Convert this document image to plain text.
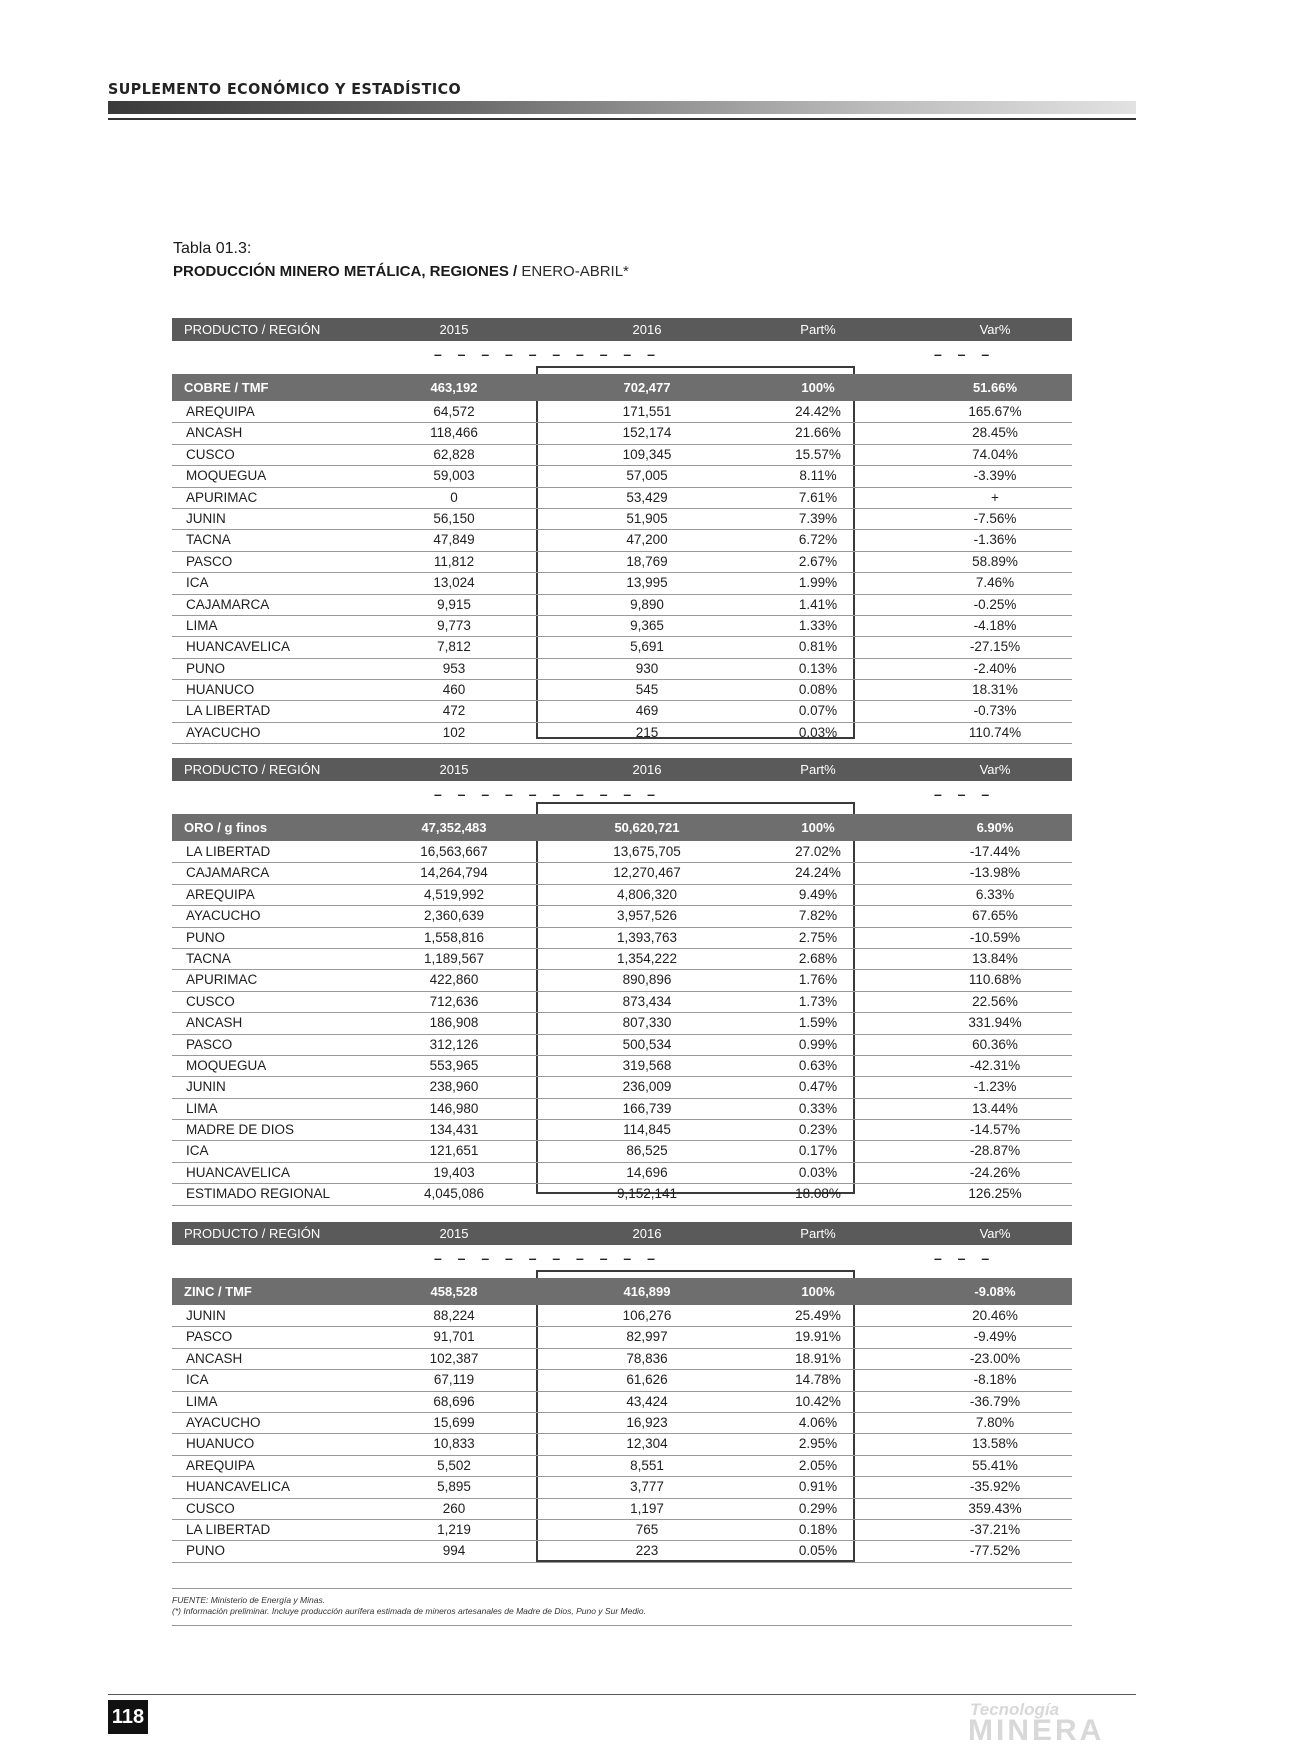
SUPLEMENTO ECONÓMICO Y ESTADÍSTICO
Tabla 01.3:
PRODUCCIÓN MINERO METÁLICA, REGIONES / ENERO-ABRIL*
PRODUCTO / REGIÓN	2015	2016	Part%	Var%
– – – – – – – – – –	– – –
COBRE / TMF	463,192	702,477	100%	51.66%
AREQUIPA	64,572	171,551	24.42%	165.67%
ANCASH	118,466	152,174	21.66%	28.45%
CUSCO	62,828	109,345	15.57%	74.04%
MOQUEGUA	59,003	57,005	8.11%	-3.39%
APURIMAC	0	53,429	7.61%	+
JUNIN	56,150	51,905	7.39%	-7.56%
TACNA	47,849	47,200	6.72%	-1.36%
PASCO	11,812	18,769	2.67%	58.89%
ICA	13,024	13,995	1.99%	7.46%
CAJAMARCA	9,915	9,890	1.41%	-0.25%
LIMA	9,773	9,365	1.33%	-4.18%
HUANCAVELICA	7,812	5,691	0.81%	-27.15%
PUNO	953	930	0.13%	-2.40%
HUANUCO	460	545	0.08%	18.31%
LA LIBERTAD	472	469	0.07%	-0.73%
AYACUCHO	102	215	0.03%	110.74%
PRODUCTO / REGIÓN	2015	2016	Part%	Var%
– – – – – – – – – –	– – –
ORO / g finos	47,352,483	50,620,721	100%	6.90%
LA LIBERTAD	16,563,667	13,675,705	27.02%	-17.44%
CAJAMARCA	14,264,794	12,270,467	24.24%	-13.98%
AREQUIPA	4,519,992	4,806,320	9.49%	6.33%
AYACUCHO	2,360,639	3,957,526	7.82%	67.65%
PUNO	1,558,816	1,393,763	2.75%	-10.59%
TACNA	1,189,567	1,354,222	2.68%	13.84%
APURIMAC	422,860	890,896	1.76%	110.68%
CUSCO	712,636	873,434	1.73%	22.56%
ANCASH	186,908	807,330	1.59%	331.94%
PASCO	312,126	500,534	0.99%	60.36%
MOQUEGUA	553,965	319,568	0.63%	-42.31%
JUNIN	238,960	236,009	0.47%	-1.23%
LIMA	146,980	166,739	0.33%	13.44%
MADRE DE DIOS	134,431	114,845	0.23%	-14.57%
ICA	121,651	86,525	0.17%	-28.87%
HUANCAVELICA	19,403	14,696	0.03%	-24.26%
ESTIMADO REGIONAL	4,045,086	9,152,141	18.08%	126.25%
PRODUCTO / REGIÓN	2015	2016	Part%	Var%
– – – – – – – – – –	– – –
ZINC / TMF	458,528	416,899	100%	-9.08%
JUNIN	88,224	106,276	25.49%	20.46%
PASCO	91,701	82,997	19.91%	-9.49%
ANCASH	102,387	78,836	18.91%	-23.00%
ICA	67,119	61,626	14.78%	-8.18%
LIMA	68,696	43,424	10.42%	-36.79%
AYACUCHO	15,699	16,923	4.06%	7.80%
HUANUCO	10,833	12,304	2.95%	13.58%
AREQUIPA	5,502	8,551	2.05%	55.41%
HUANCAVELICA	5,895	3,777	0.91%	-35.92%
CUSCO	260	1,197	0.29%	359.43%
LA LIBERTAD	1,219	765	0.18%	-37.21%
PUNO	994	223	0.05%	-77.52%
FUENTE: Ministerio de Energía y Minas.
(*) Información preliminar. Incluye producción aurífera estimada de mineros artesanales de Madre de Dios, Puno y Sur Medio.
118	Tecnología
MINERA
